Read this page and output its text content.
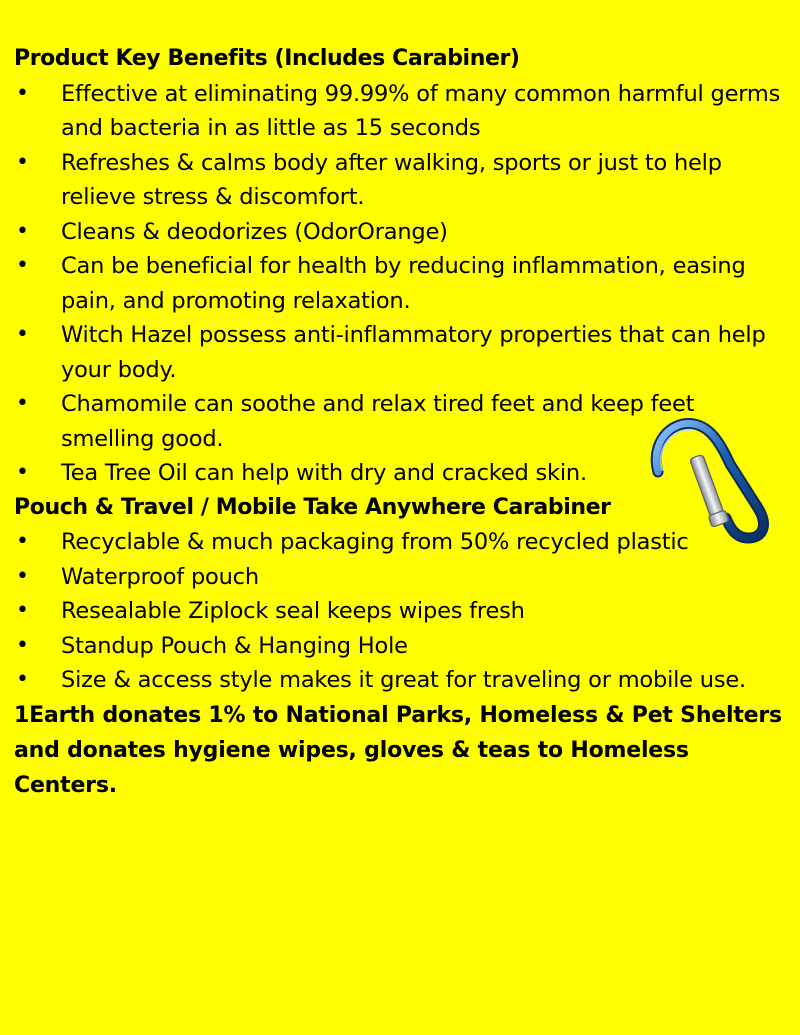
Product Key Benefits (Includes Carabiner)
• Effective at eliminating 99.99% of many common harmful germs and bacteria in as little as 15 seconds
• Refreshes & calms body after walking, sports or just to help relieve stress & discomfort.
• Cleans & deodorizes (OdorOrange)
• Can be beneficial for health by reducing inflammation, easing pain, and promoting relaxation.
• Witch Hazel possess anti-inflammatory properties that can help your body.
• Chamomile can soothe and relax tired feet and keep feet smelling good.
• Tea Tree Oil can help with dry and cracked skin.
Pouch & Travel / Mobile Take Anywhere Carabiner
• Recyclable & much packaging from 50% recycled plastic
• Waterproof pouch
• Resealable Ziplock seal keeps wipes fresh
• Standup Pouch & Hanging Hole
• Size & access style makes it great for traveling or mobile use.

1Earth donates 1% to National Parks, Homeless & Pet Shelters and donates hygiene wipes, gloves & teas to Homeless Centers.
